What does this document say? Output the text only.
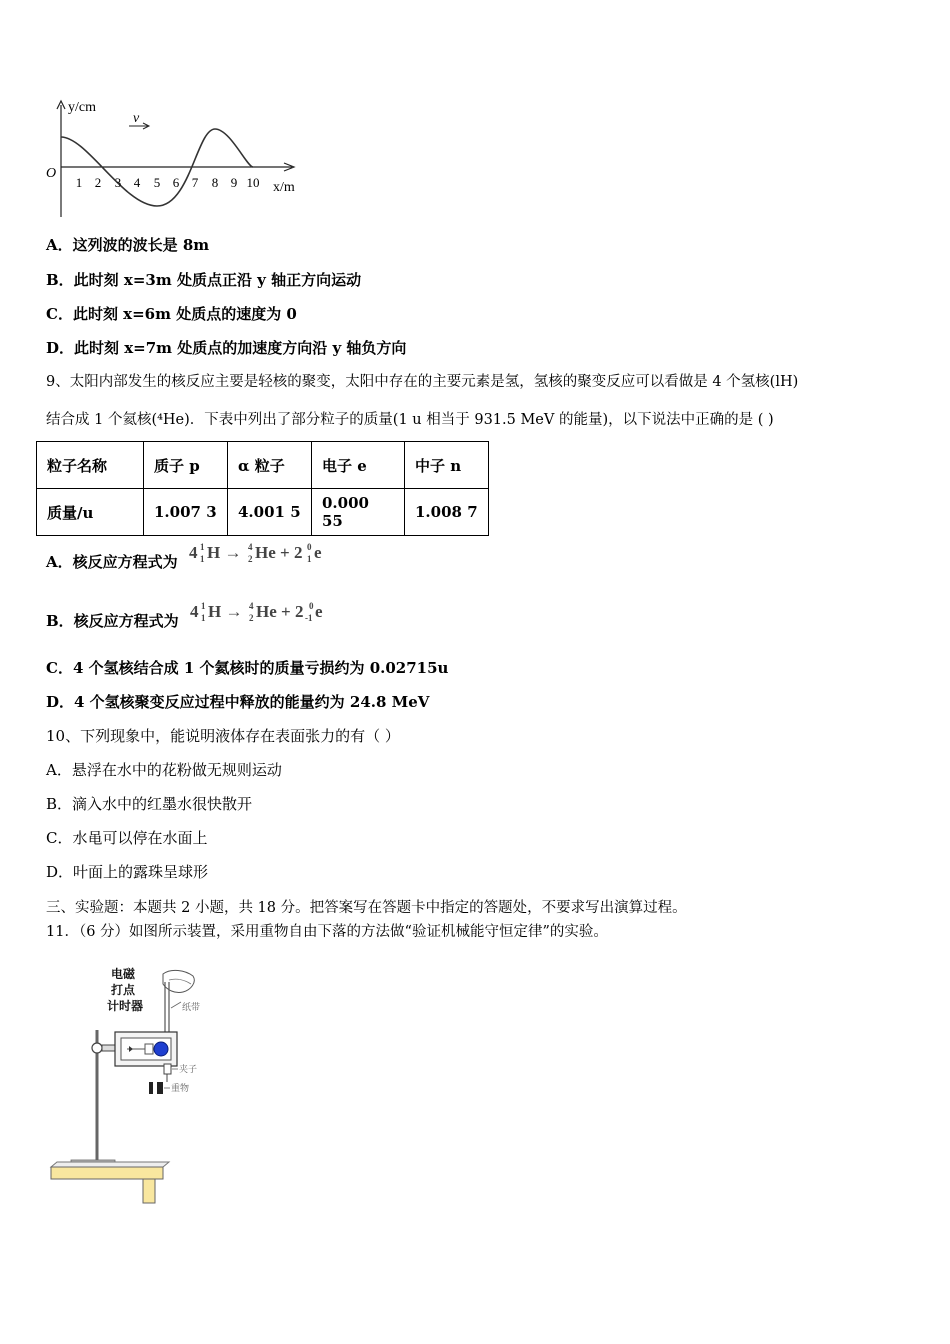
v
y/cm
O
x/m
1 2 3 4 5 6 7 8 9 10
A．这列波的波长是 8m
B．此时刻 x=3m 处质点正沿 y 轴正方向运动
C．此时刻 x=6m 处质点的速度为 0
D．此时刻 x=7m 处质点的加速度方向沿 y 轴负方向
9、太阳内部发生的核反应主要是轻核的聚变，太阳中存在的主要元素是氢，氢核的聚变反应可以看做是 4 个氢核(lH)
结合成 1 个氦核(⁴He)．下表中列出了部分粒子的质量(1 u 相当于 931.5 MeV 的能量)，以下说法中正确的是 ( )
粒子名称	质子 p	α 粒子	电子 e	中子 n
质量/u	1.007 3	4.001 5	0.000 55	1.008 7
A．核反应方程式为 4 1
1 H → 4
2 He + 2 0
1 e
B．核反应方程式为 4 1
1 H → 4
2 He + 2 0
-1 e
C．4 个氢核结合成 1 个氦核时的质量亏损约为 0.02715u
D．4 个氢核聚变反应过程中释放的能量约为 24.8 MeV
10、下列现象中，能说明液体存在表面张力的有（ ）
A．悬浮在水中的花粉做无规则运动
B．滴入水中的红墨水很快散开
C．水黾可以停在水面上
D．叶面上的露珠呈球形
三、实验题：本题共 2 小题，共 18 分。把答案写在答题卡中指定的答题处，不要求写出演算过程。
11．（6 分）如图所示装置，采用重物自由下落的方法做“验证机械能守恒定律”的实验。
电磁
打点
计时器	纸带
夹子
重物
